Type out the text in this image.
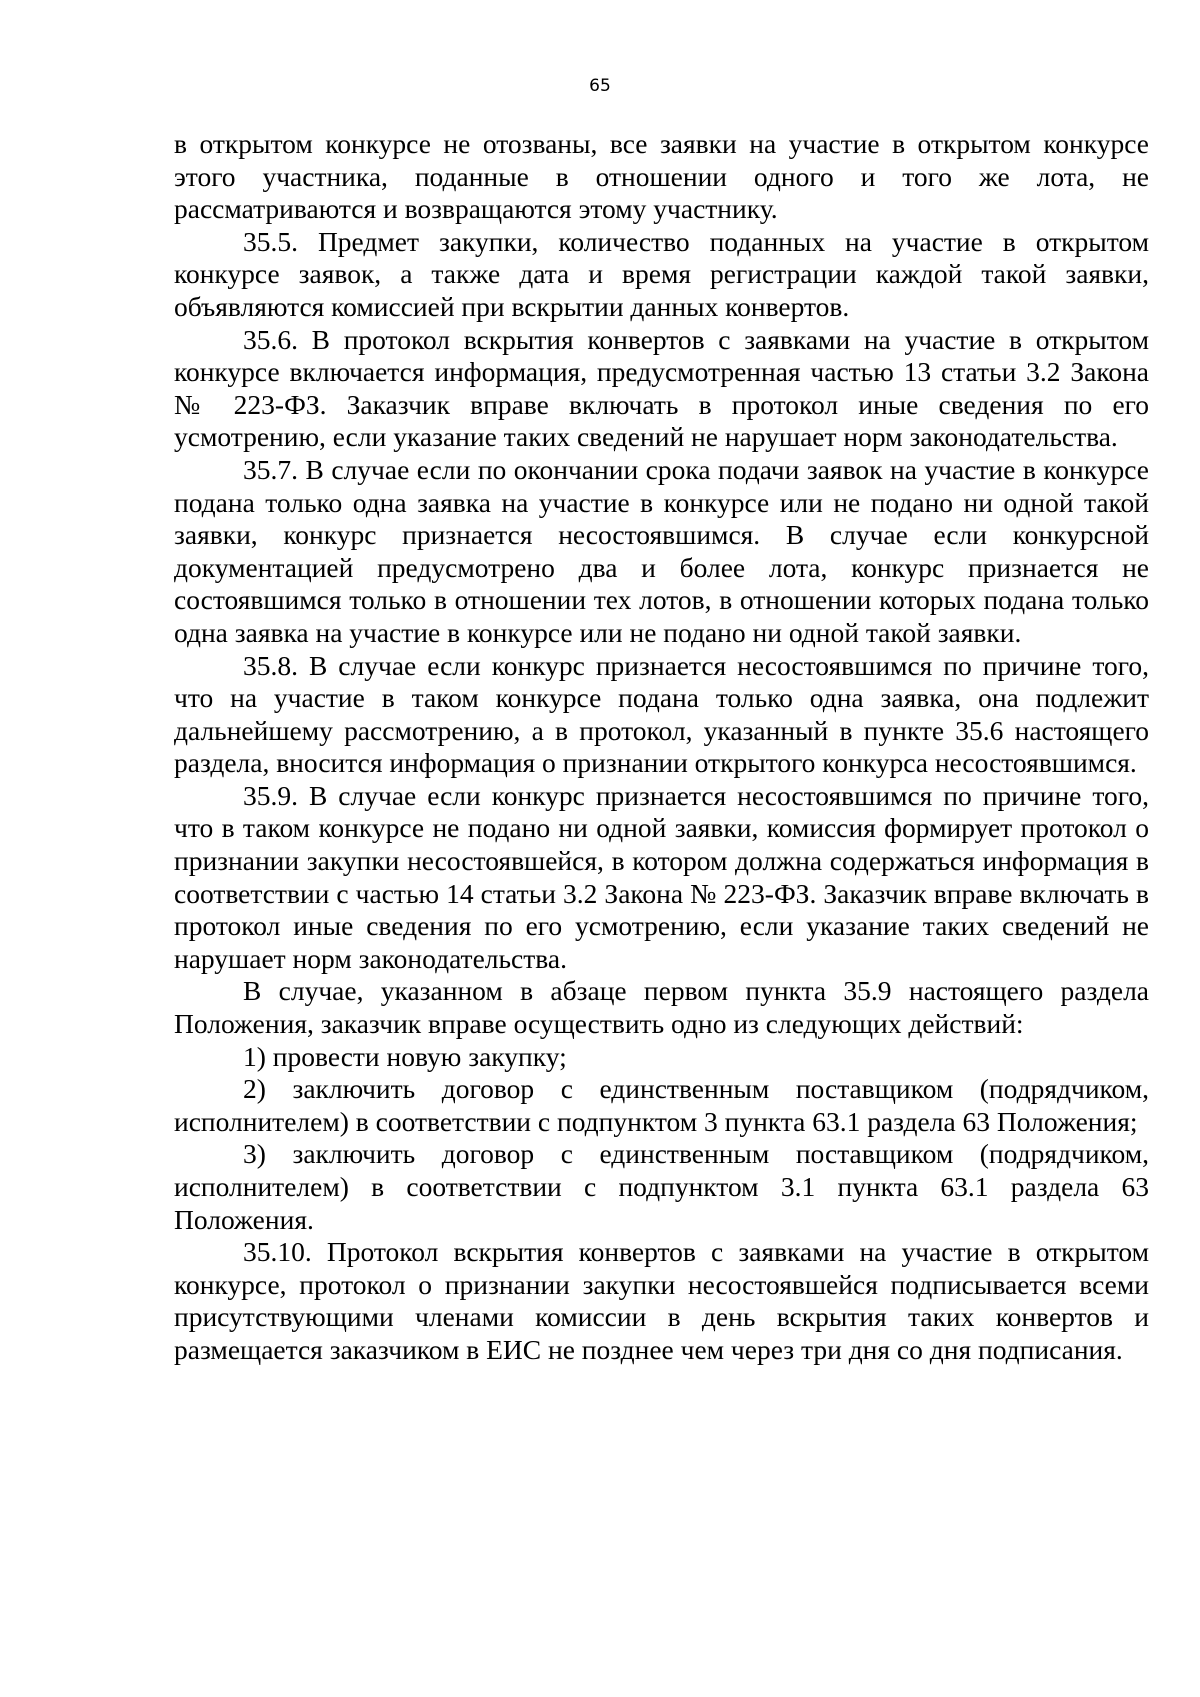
65

в открытом конкурсе не отозваны, все заявки на участие в открытом конкурсе этого участника, поданные в отношении одного и того же лота, не рассматриваются и возвращаются этому участнику.

35.5. Предмет закупки, количество поданных на участие в открытом конкурсе заявок, а также дата и время регистрации каждой такой заявки, объявляются комиссией при вскрытии данных конвертов.

35.6. В протокол вскрытия конвертов с заявками на участие в открытом конкурсе включается информация, предусмотренная частью 13 статьи 3.2 Закона № 223-ФЗ. Заказчик вправе включать в протокол иные сведения по его усмотрению, если указание таких сведений не нарушает норм законодательства.

35.7. В случае если по окончании срока подачи заявок на участие в конкурсе подана только одна заявка на участие в конкурсе или не подано ни одной такой заявки, конкурс признается несостоявшимся. В случае если конкурсной документацией предусмотрено два и более лота, конкурс признается не состоявшимся только в отношении тех лотов, в отношении которых подана только одна заявка на участие в конкурсе или не подано ни одной такой заявки.

35.8. В случае если конкурс признается несостоявшимся по причине того, что на участие в таком конкурсе подана только одна заявка, она подлежит дальнейшему рассмотрению, а в протокол, указанный в пункте 35.6 настоящего раздела, вносится информация о признании открытого конкурса несостоявшимся.

35.9. В случае если конкурс признается несостоявшимся по причине того, что в таком конкурсе не подано ни одной заявки, комиссия формирует протокол о признании закупки несостоявшейся, в котором должна содержаться информация в соответствии с частью 14 статьи 3.2 Закона № 223-ФЗ. Заказчик вправе включать в протокол иные сведения по его усмотрению, если указание таких сведений не нарушает норм законодательства.

В случае, указанном в абзаце первом пункта 35.9 настоящего раздела Положения, заказчик вправе осуществить одно из следующих действий:

1) провести новую закупку;

2) заключить договор с единственным поставщиком (подрядчиком, исполнителем) в соответствии с подпунктом 3 пункта 63.1 раздела 63 Положения;

3) заключить договор с единственным поставщиком (подрядчиком, исполнителем) в соответствии с подпунктом 3.1 пункта 63.1 раздела 63 Положения.

35.10. Протокол вскрытия конвертов с заявками на участие в открытом конкурсе, протокол о признании закупки несостоявшейся подписывается всеми присутствующими членами комиссии в день вскрытия таких конвертов и размещается заказчиком в ЕИС не позднее чем через три дня со дня подписания.
